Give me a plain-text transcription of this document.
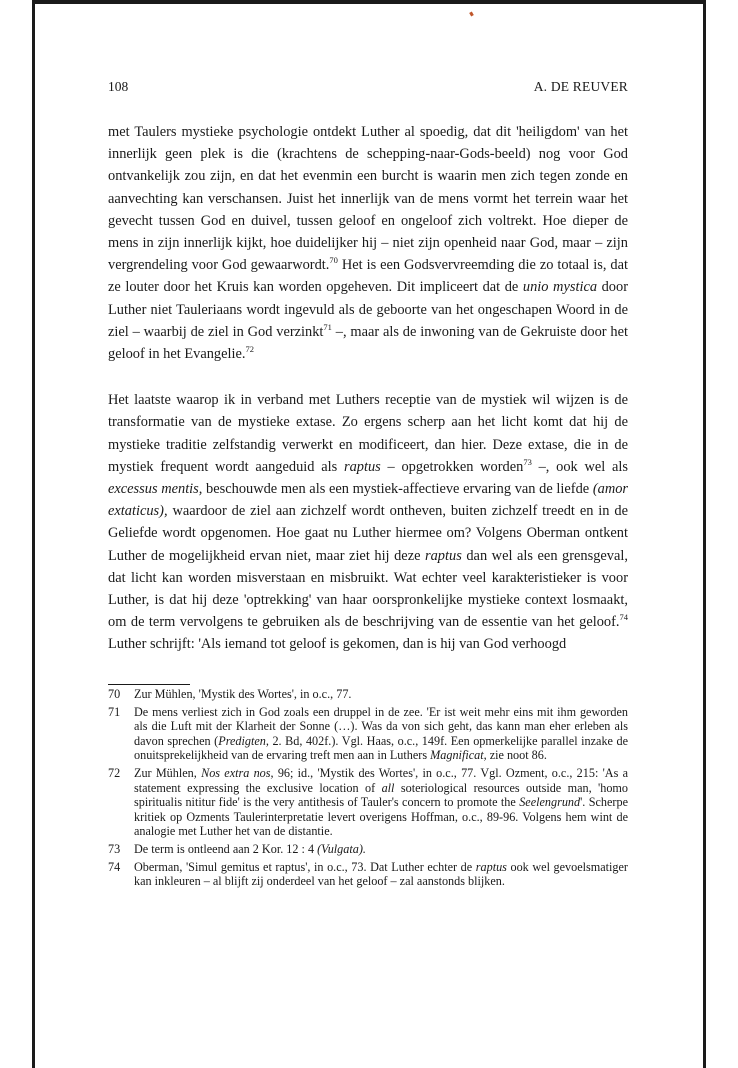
108	A. DE REUVER

met Taulers mystieke psychologie ontdekt Luther al spoedig, dat dit 'heiligdom' van het innerlijk geen plek is die (krachtens de schepping-naar-Gods-beeld) nog voor God ontvankelijk zou zijn, en dat het evenmin een burcht is waarin men zich tegen zonde en aanvechting kan verschansen. Juist het innerlijk van de mens vormt het terrein waar het gevecht tussen God en duivel, tussen geloof en ongeloof zich voltrekt. Hoe dieper de mens in zijn innerlijk kijkt, hoe duidelijker hij – niet zijn openheid naar God, maar – zijn vergrendeling voor God gewaarwordt.$^{70}$ Het is een Godsvervreemding die zo totaal is, dat ze louter door het Kruis kan worden opgeheven. Dit impliceert dat de unio mystica door Luther niet Tauleriaans wordt ingevuld als de geboorte van het ongeschapen Woord in de ziel – waarbij de ziel in God verzinkt$^{71}$ –, maar als de inwoning van de Gekruiste door het geloof in het Evangelie.$^{72}$

Het laatste waarop ik in verband met Luthers receptie van de mystiek wil wijzen is de transformatie van de mystieke extase. Zo ergens scherp aan het licht komt dat hij de mystieke traditie zelfstandig verwerkt en modificeert, dan hier. Deze extase, die in de mystiek frequent wordt aangeduid als raptus – opgetrokken worden$^{73}$ –, ook wel als excessus mentis, beschouwde men als een mystiek-affectieve ervaring van de liefde (amor extaticus), waardoor de ziel aan zichzelf wordt ontheven, buiten zichzelf treedt en in de Geliefde wordt opgenomen. Hoe gaat nu Luther hiermee om? Volgens Oberman ontkent Luther de mogelijkheid ervan niet, maar ziet hij deze raptus dan wel als een grensgeval, dat licht kan worden misverstaan en misbruikt. Wat echter veel karakteristieker is voor Luther, is dat hij deze 'optrekking' van haar oorspronkelijke mystieke context losmaakt, om de term vervolgens te gebruiken als de beschrijving van de essentie van het geloof.$^{74}$ Luther schrijft: 'Als iemand tot geloof is gekomen, dan is hij van God verhoogd

70	Zur Mühlen, 'Mystik des Wortes', in o.c., 77.
71	De mens verliest zich in God zoals een druppel in de zee. 'Er ist weit mehr eins mit ihm geworden als die Luft mit der Klarheit der Sonne (…). Was da von sich geht, das kann man eher erleben als davon sprechen (Predigten, 2. Bd, 402f.). Vgl. Haas, o.c., 149f. Een opmerkelijke parallel inzake de onuitsprekelijkheid van de ervaring treft men aan in Luthers Magnificat, zie noot 86.
72	Zur Mühlen, Nos extra nos, 96; id., 'Mystik des Wortes', in o.c., 77. Vgl. Ozment, o.c., 215: 'As a statement expressing the exclusive location of all soteriological resources outside man, 'homo spiritualis nititur fide' is the very antithesis of Tauler's concern to promote the Seelengrund'. Scherpe kritiek op Ozments Taulerinterpretatie levert overigens Hoffman, o.c., 89-96. Volgens hem wint de analogie met Luther het van de distantie.
73	De term is ontleend aan 2 Kor. 12 : 4 (Vulgata).
74	Oberman, 'Simul gemitus et raptus', in o.c., 73. Dat Luther echter de raptus ook wel gevoelsmatiger kan inkleuren – al blijft zij onderdeel van het geloof – zal aanstonds blijken.
